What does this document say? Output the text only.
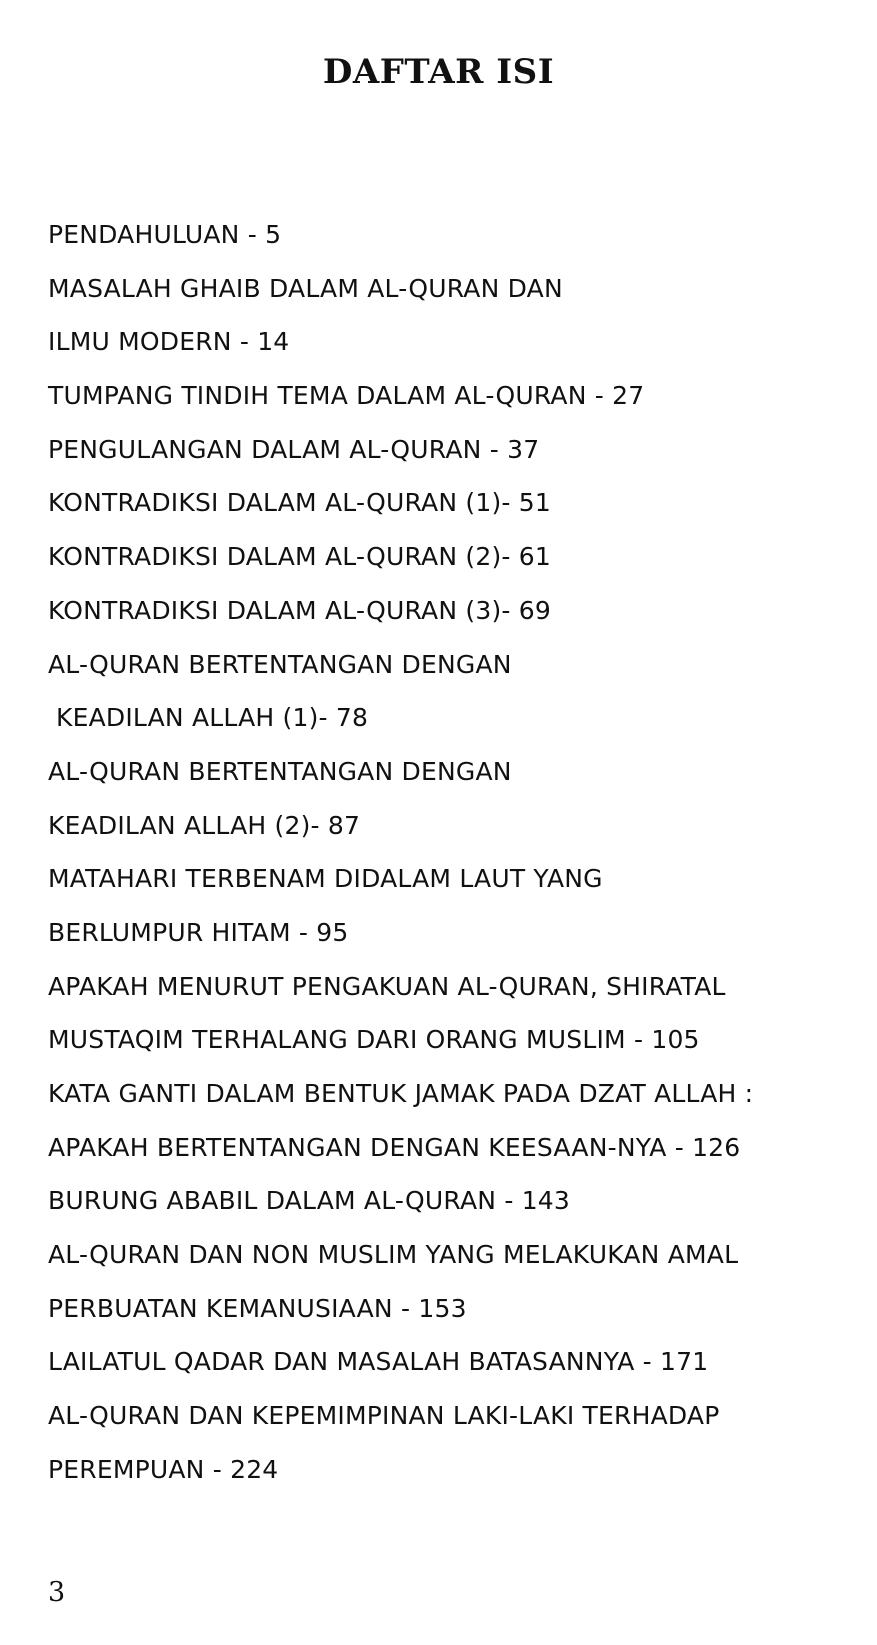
DAFTAR ISI
PENDAHULUAN - 5
MASALAH GHAIB DALAM AL-QURAN DAN
ILMU MODERN - 14
TUMPANG TINDIH TEMA DALAM AL-QURAN - 27
PENGULANGAN DALAM AL-QURAN - 37
KONTRADIKSI DALAM AL-QURAN (1)- 51
KONTRADIKSI DALAM AL-QURAN (2)- 61
KONTRADIKSI DALAM AL-QURAN (3)- 69
AL-QURAN BERTENTANGAN DENGAN
KEADILAN ALLAH (1)- 78
AL-QURAN BERTENTANGAN DENGAN
KEADILAN ALLAH (2)- 87
MATAHARI TERBENAM DIDALAM LAUT YANG
BERLUMPUR HITAM - 95
APAKAH MENURUT PENGAKUAN AL-QURAN, SHIRATAL
MUSTAQIM TERHALANG DARI ORANG MUSLIM - 105
KATA GANTI DALAM BENTUK JAMAK PADA DZAT ALLAH :
APAKAH BERTENTANGAN DENGAN KEESAAN-NYA - 126
BURUNG ABABIL DALAM AL-QURAN - 143
AL-QURAN DAN NON MUSLIM YANG MELAKUKAN AMAL
PERBUATAN KEMANUSIAAN - 153
LAILATUL QADAR DAN MASALAH BATASANNYA - 171
AL-QURAN DAN KEPEMIMPINAN LAKI-LAKI TERHADAP
PEREMPUAN - 224

3
